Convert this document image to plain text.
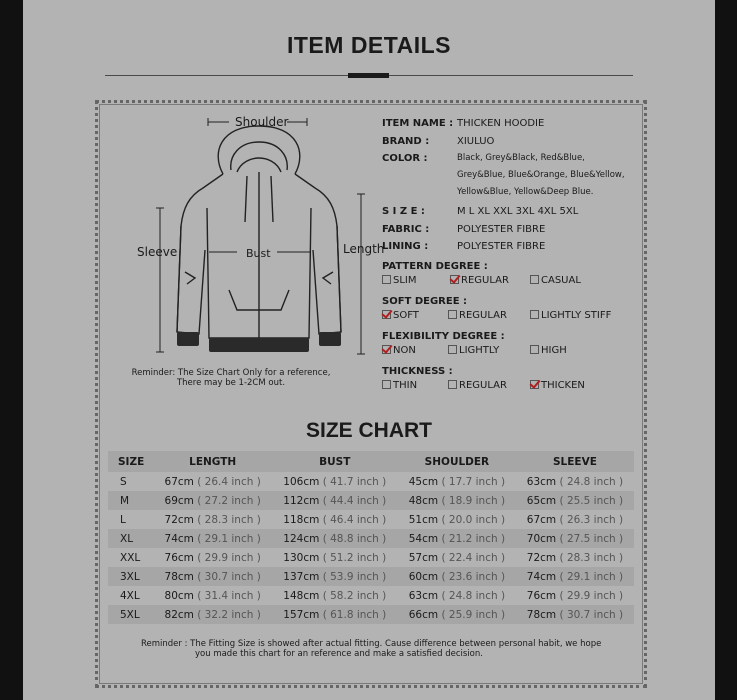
ITEM DETAILS
Shoulder
Sleeve	Bust	Length
Reminder: The Size Chart Only for a reference,
There may be 1-2CM out.
ITEM NAME : THICKEN HOODIE
BRAND :	XIULUO
COLOR :	Black, Grey&Black, Red&Blue,
Grey&Blue, Blue&Orange, Blue&Yellow,
Yellow&Blue, Yellow&Deep Blue.
S I Z E :	M L XL XXL 3XL 4XL 5XL
FABRIC :	POLYESTER FIBRE
LINING :	POLYESTER FIBRE
PATTERN DEGREE :
SLIM	REGULAR	CASUAL
SOFT DEGREE :
SOFT	REGULAR	LIGHTLY STIFF
FLEXIBILITY DEGREE :
NON	LIGHTLY	HIGH
THICKNESS :
THIN	REGULAR	THICKEN
SIZE CHART
SIZE	LENGTH	BUST	SHOULDER	SLEEVE
S	67cm ( 26.4 inch )	106cm ( 41.7 inch )	45cm ( 17.7 inch )	63cm ( 24.8 inch )
M	69cm ( 27.2 inch )	112cm ( 44.4 inch )	48cm ( 18.9 inch )	65cm ( 25.5 inch )
L	72cm ( 28.3 inch )	118cm ( 46.4 inch )	51cm ( 20.0 inch )	67cm ( 26.3 inch )
XL	74cm ( 29.1 inch )	124cm ( 48.8 inch )	54cm ( 21.2 inch )	70cm ( 27.5 inch )
XXL	76cm ( 29.9 inch )	130cm ( 51.2 inch )	57cm ( 22.4 inch )	72cm ( 28.3 inch )
3XL	78cm ( 30.7 inch )	137cm ( 53.9 inch )	60cm ( 23.6 inch )	74cm ( 29.1 inch )
4XL	80cm ( 31.4 inch )	148cm ( 58.2 inch )	63cm ( 24.8 inch )	76cm ( 29.9 inch )
5XL	82cm ( 32.2 inch )	157cm ( 61.8 inch )	66cm ( 25.9 inch )	78cm ( 30.7 inch )
Reminder : The Fitting Size is showed after actual fitting. Cause difference between personal habit, we hope
you made this chart for an reference and make a satisfied decision.
